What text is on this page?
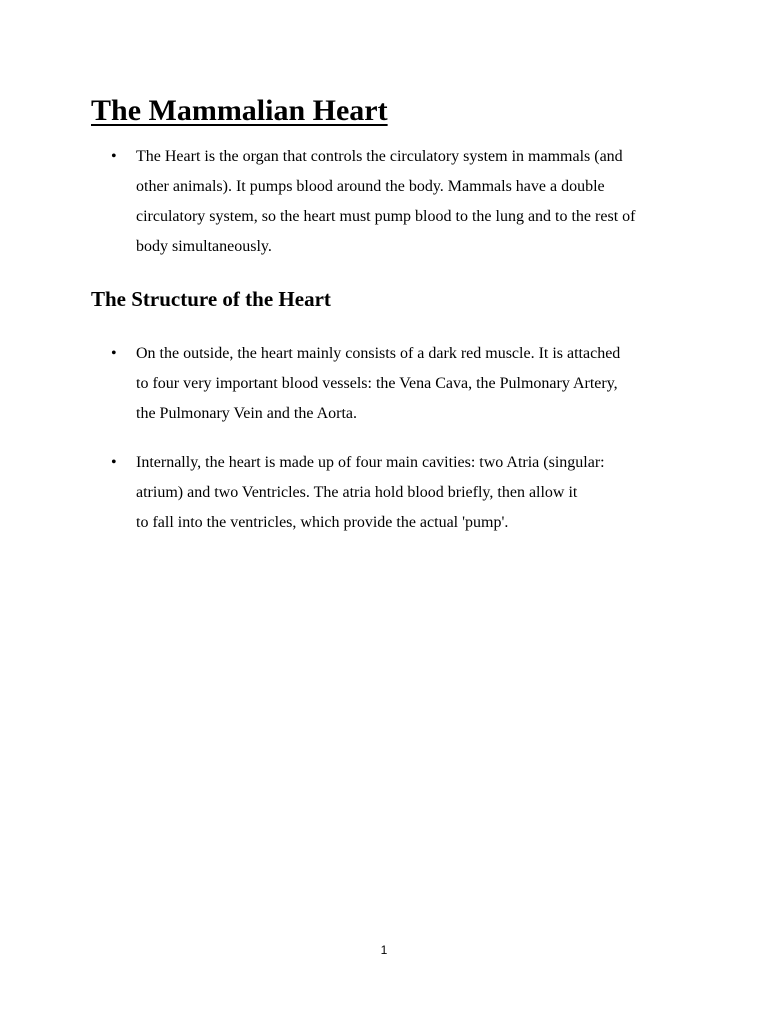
The Mammalian Heart
• The Heart is the organ that controls the circulatory system in mammals (and
other animals). It pumps blood around the body. Mammals have a double
circulatory system, so the heart must pump blood to the lung and to the rest of
body simultaneously.
The Structure of the Heart
• On the outside, the heart mainly consists of a dark red muscle. It is attached
to four very important blood vessels: the Vena Cava, the Pulmonary Artery,
the Pulmonary Vein and the Aorta.
• Internally, the heart is made up of four main cavities: two Atria (singular:
atrium) and two Ventricles. The atria hold blood briefly, then allow it
to fall into the ventricles, which provide the actual 'pump'.
1
